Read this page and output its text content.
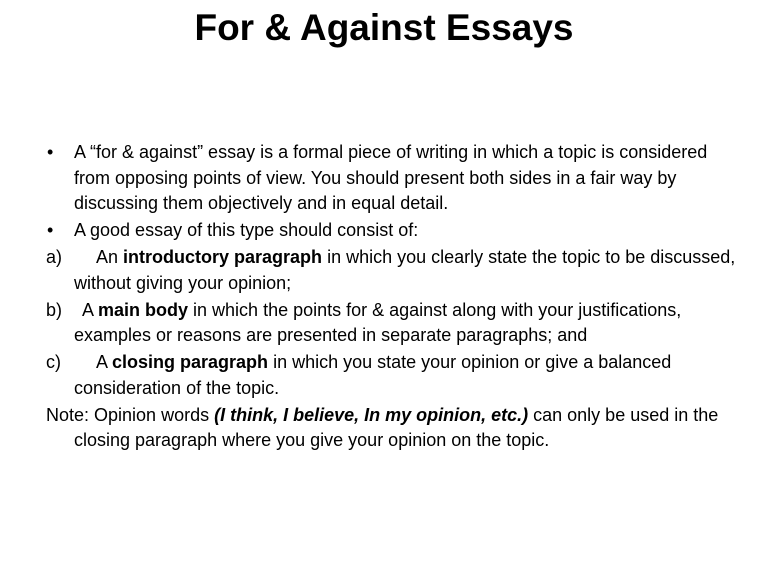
For & Against Essays
• A “for & against” essay is a formal piece of writing in which a topic is considered from opposing points of view. You should present both sides in a fair way by discussing them objectively and in equal detail.
• A good essay of this type should consist of:
a) An introductory paragraph in which you clearly state the topic to be discussed, without giving your opinion;
b) A main body in which the points for & against along with your justifications, examples or reasons are presented in separate paragraphs; and
c) A closing paragraph in which you state your opinion or give a balanced consideration of the topic.
Note: Opinion words (I think, I believe, In my opinion, etc.) can only be used in the closing paragraph where you give your opinion on the topic.
